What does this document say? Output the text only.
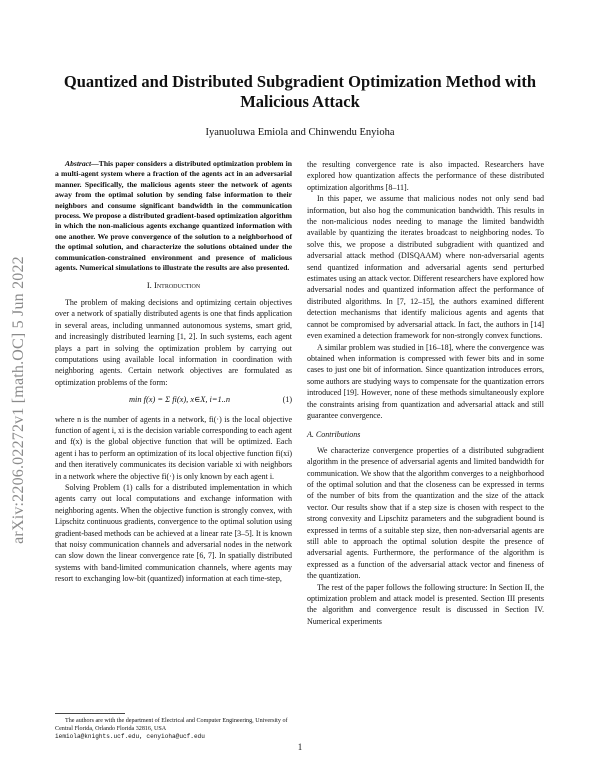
arXiv:2206.02272v1 [math.OC] 5 Jun 2022
Quantized and Distributed Subgradient Optimization Method with Malicious Attack
Iyanuoluwa Emiola and Chinwendu Enyioha

Abstract—This paper considers a distributed optimization problem in a multi-agent system where a fraction of the agents act in an adversarial manner. Specifically, the malicious agents steer the network of agents away from the optimal solution by sending false information to their neighbors and consume significant bandwidth in the communication process. We propose a distributed gradient-based optimization algorithm in which the non-malicious agents exchange quantized information with one another. We prove convergence of the solution to a neighborhood of the optimal solution, and characterize the solutions obtained under the communication-constrained environment and presence of malicious agents. Numerical simulations to illustrate the results are also presented.

I. Introduction

The problem of making decisions and optimizing certain objectives over a network of spatially distributed agents is one that finds application in several areas, including unmanned autonomous systems, smart grid, and increasingly distributed learning [1, 2]. In such systems, each agent plays a part in solving the optimization problem by carrying out computations using available local information in coordination with neighboring agents. Certain network objectives are formulated as optimization problems of the form:

min f(x) = Σ fi(x), x∈X, i=1..n	(1)

where n is the number of agents in a network, fi(·) is the local objective function of agent i, xi is the decision variable corresponding to each agent and f(x) is the global objective function that will be optimized. Each agent i has to perform an optimization of its local objective function fi(xi) and then iteratively communicates its decision variable xi with neighbors in a network where the objective fi(·) is only known by each agent i.

Solving Problem (1) calls for a distributed implementation in which agents carry out local computations and exchange information with neighboring agents. When the objective function is strongly convex, with Lipschitz continuous gradients, convergence to the optimal solution using gradient-based methods can be achieved at a linear rate [3–5]. It is known that noisy communication channels and adversarial nodes in the network can slow down the linear convergence rate [6, 7]. In spatially distributed systems with band-limited communication channels, where agents may resort to exchanging low-bit (quantized) information at each time-step,

The authors are with the department of Electrical and Computer Engineering, University of Central Florida, Orlando Florida 32816, USA

iemiola@knights.ucf.edu, cenyioha@ucf.edu

the resulting convergence rate is also impacted. Researchers have explored how quantization affects the performance of these distributed optimization algorithms [8–11].

In this paper, we assume that malicious nodes not only send bad information, but also hog the communication bandwidth. This results in the non-malicious nodes needing to manage the limited bandwidth available by quantizing the iterates broadcast to neighboring nodes. To solve this, we propose a distributed subgradient with quantized and adversarial attack method (DISQAAM) where non-adversarial agents send quantized information and adversarial agents send perturbed estimates using an attack vector. Different researchers have explored how adversarial nodes and quantized information affect the performance of distributed algorithms. In [7, 12–15], the authors examined different detection mechanisms that identify malicious agents and agents that cannot be compromised by adversarial attack. In fact, the authors in [14] even examined a detection framework for non-strongly convex functions.

A similar problem was studied in [16–18], where the convergence was obtained when information is compressed with fewer bits and in some cases to just one bit of information. Since quantization introduces errors, some authors are studying ways to compensate for the quantization errors introduced [19]. However, none of these methods simultaneously explore the constraints arising from quantization and adversarial attack and still guarantee convergence.

A. Contributions

We characterize convergence properties of a distributed subgradient algorithm in the presence of adversarial agents and limited bandwidth for communication. We show that the algorithm converges to a neighborhood of the optimal solution and that the closeness can be expressed in terms of the number of bits from the quantization and the size of the attack vector. Our results show that if a step size is chosen with respect to the strong convexity and Lipschitz parameters and the subgradient bound is expressed in terms of a suitable step size, then non-adversarial agents are still able to approach the optimal solution despite the presence of adversarial agents. Furthermore, the performance of the algorithm is expressed as a function of the adversarial attack vector and fineness of the quantization.

The rest of the paper follows the following structure: In Section II, the optimization problem and attack model is presented. Section III presents the algorithm and convergence result is discussed in Section IV. Numerical experiments

1
